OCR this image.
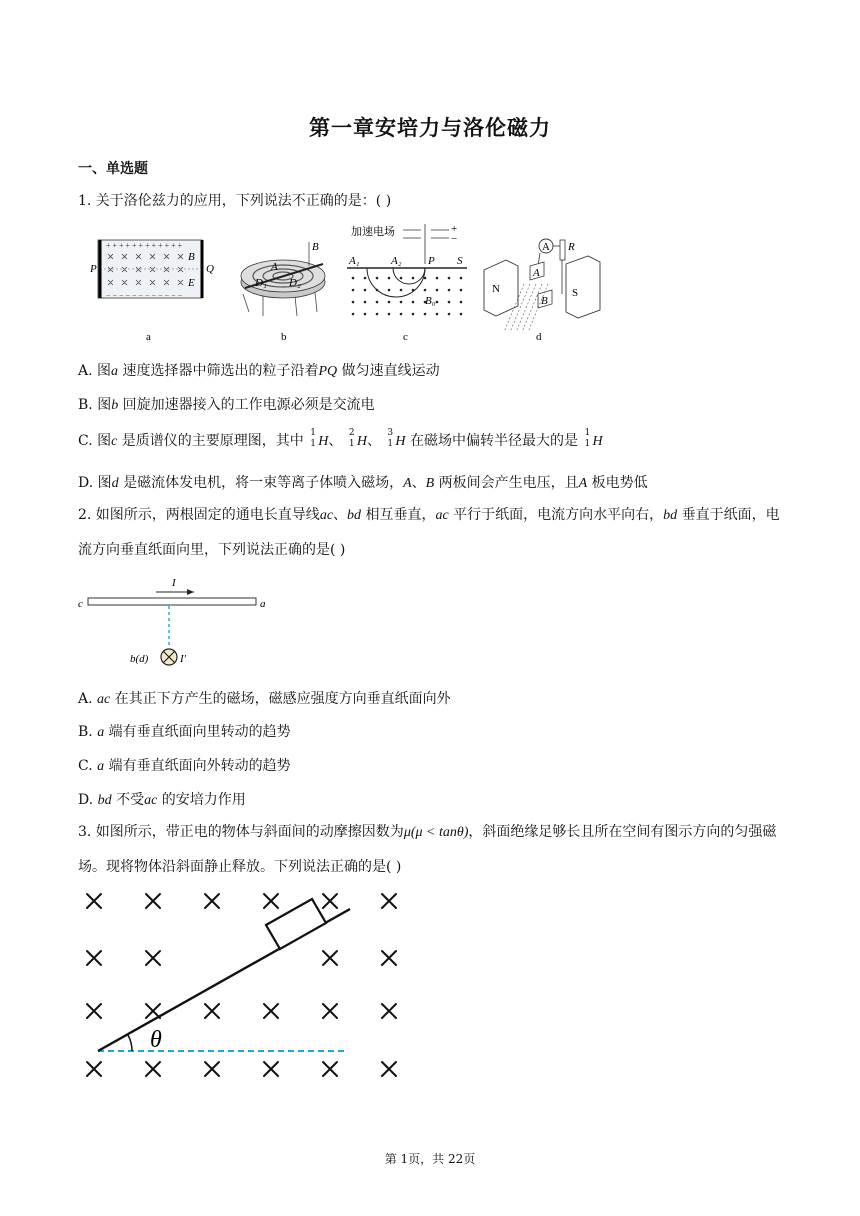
第一章安培力与洛伦磁力
一、单选题
1. 关于洛伦兹力的应用，下列说法不正确的是：( )
+ + + + + + + + + + + +
− − − − − − − − − − − −
P	Q
B
E
a
B
A
D₁ D₂
b
加速电场	+
−
A₁	A₂ P S
B₀
c
A R
N	S
A
B
d
A. 图a 速度选择器中筛选出的粒子沿着PQ 做匀速直线运动
B. 图b 回旋加速器接入的工作电源必须是交流电
C. 图c 是质谱仪的主要原理图，其中 1
1 H、 2
1 H、 3
1 H 在磁场中偏转半径最大的是 1
1 H
D. 图d 是磁流体发电机，将一束等离子体喷入磁场，A、B 两板间会产生电压，且A 板电势低
2. 如图所示，两根固定的通电长直导线ac、bd 相互垂直，ac 平行于纸面，电流方向水平向右，bd 垂直于纸面，电流方向垂直纸面向里，下列说法正确的是( )
I
c	a
b(d)	I′
A. ac 在其正下方产生的磁场，磁感应强度方向垂直纸面向外
B. a 端有垂直纸面向里转动的趋势
C. a 端有垂直纸面向外转动的趋势
D. bd 不受ac 的安培力作用
3. 如图所示，带正电的物体与斜面间的动摩擦因数为μ(μ < tanθ)，斜面绝缘足够长且所在空间有图示方向的匀强磁场。现将物体沿斜面静止释放。下列说法正确的是( )
θ
第 1页，共 22页
